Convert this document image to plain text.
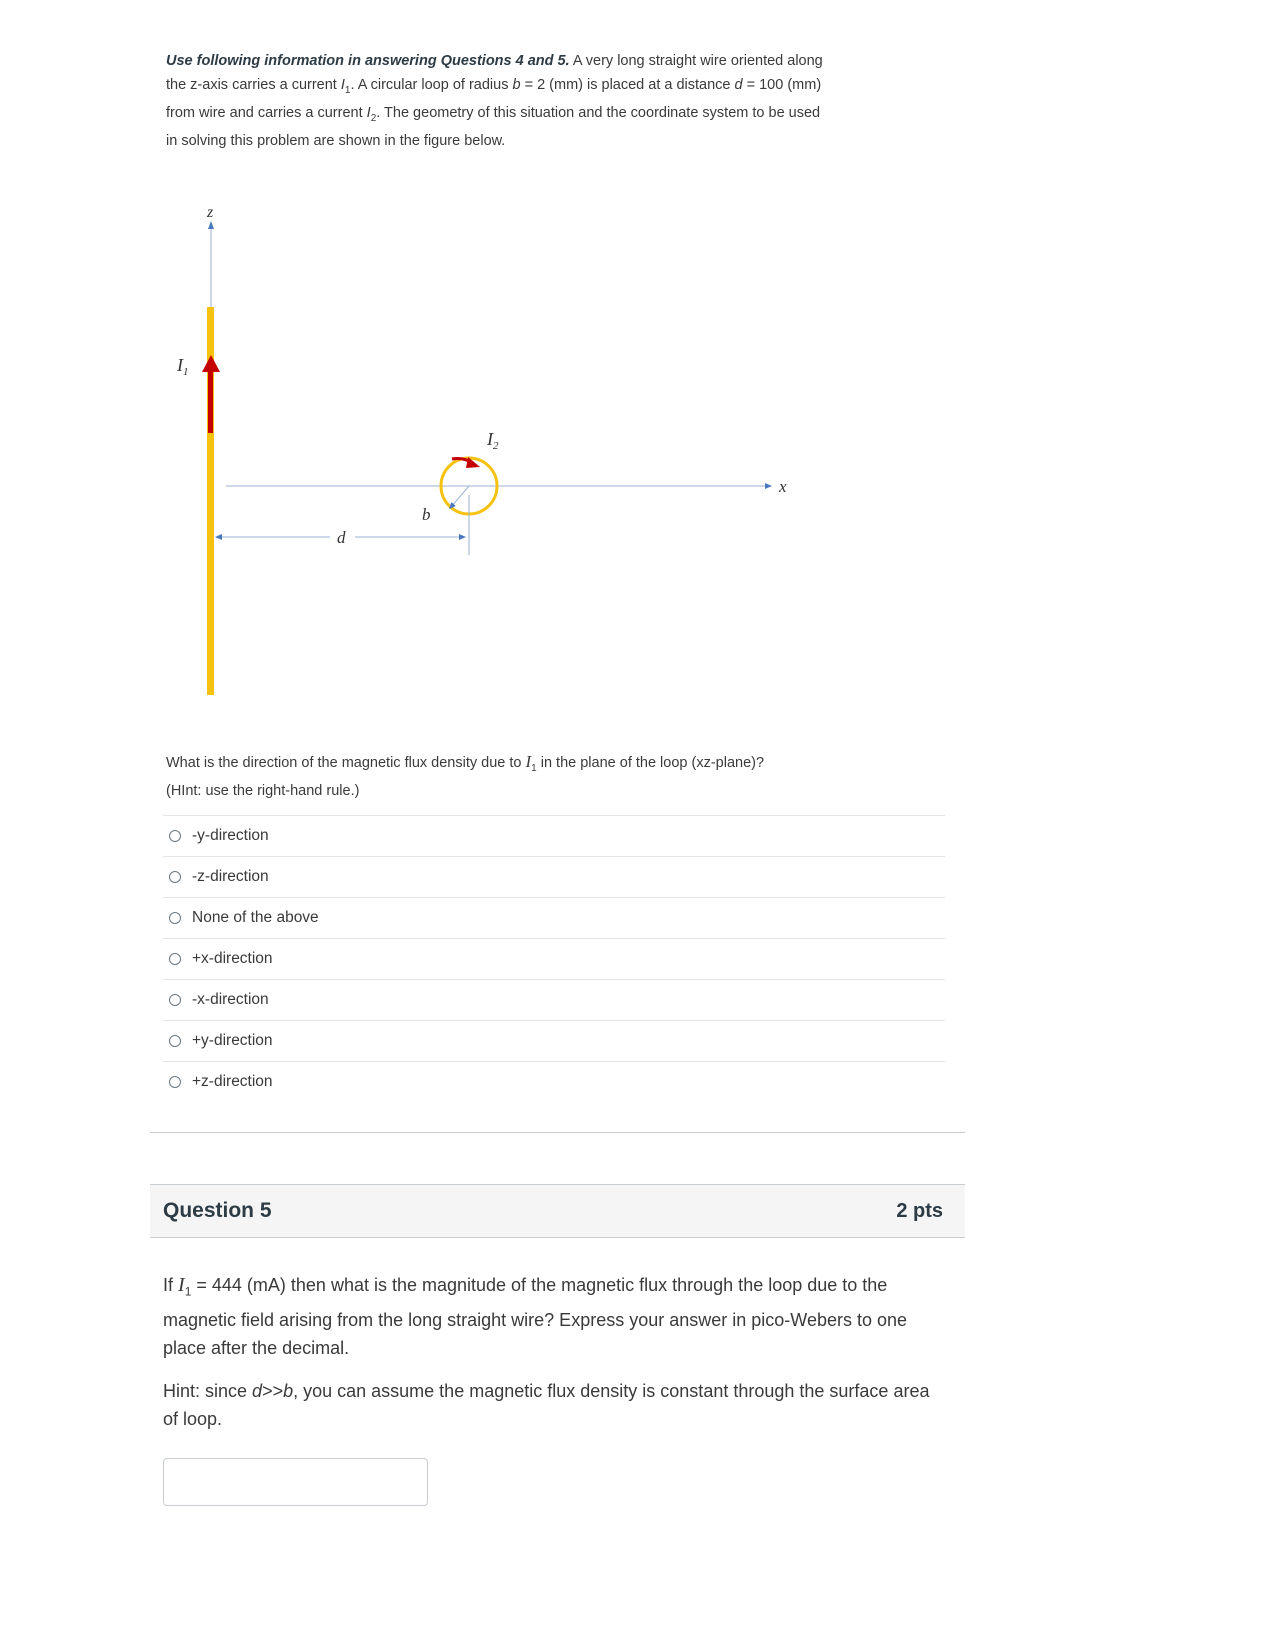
Use following information in answering Questions 4 and 5. A very long straight wire oriented along the z-axis carries a current $I_1$. A circular loop of radius b = 2 (mm) is placed at a distance d = 100 (mm) from wire and carries a current $I_2$. The geometry of this situation and the coordinate system to be used in solving this problem are shown in the figure below.
z
$I_1$
x
$I_2$
b
d
What is the direction of the magnetic flux density due to $I_1$ in the plane of the loop (xz-plane)? (HInt: use the right-hand rule.)
-y-direction
-z-direction
None of the above
+x-direction
-x-direction
+y-direction
+z-direction
Question 5	2 pts

If $I_1 = 444$ (mA) then what is the magnitude of the magnetic flux through the loop due to the magnetic field arising from the long straight wire? Express your answer in pico-Webers to one place after the decimal.

Hint: since d>>b, you can assume the magnetic flux density is constant through the surface area of loop.
